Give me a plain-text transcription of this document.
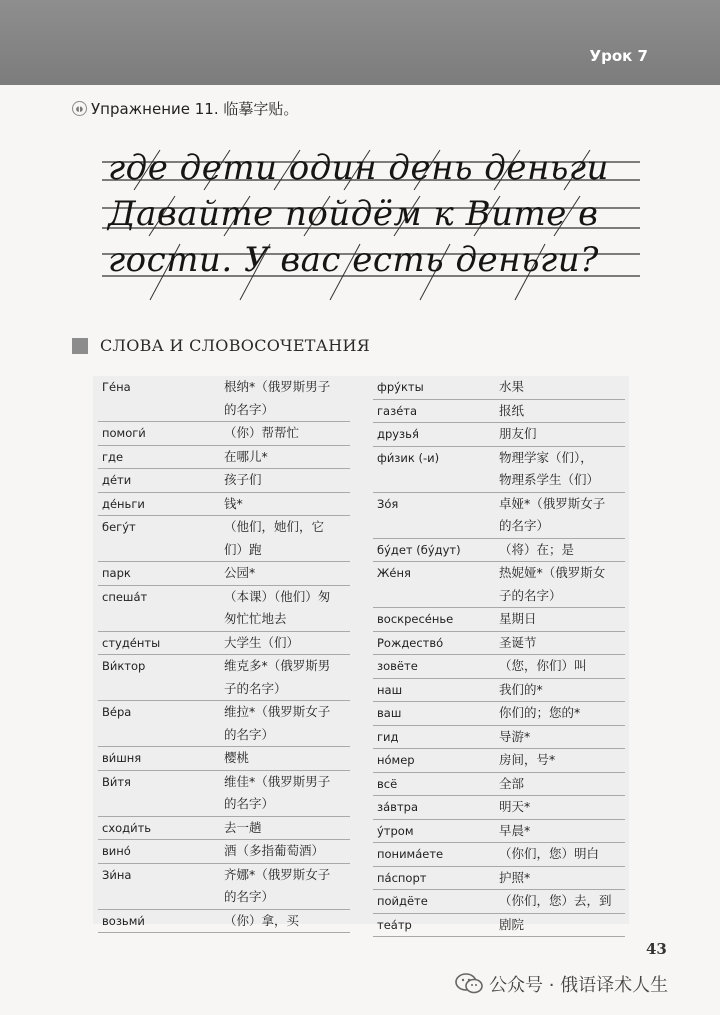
Урок 7
◖◗ Упражнение 11. 临摹字贴。
где дети один день деньги
Давайте пойдём к Вите в
гости. У вас есть деньги?
СЛОВА И СЛОВОСОЧЕТАНИЯ
Ге́на	根纳*（俄罗斯男子
的名字）
помоги́	（你）帮帮忙
где	在哪儿*
де́ти	孩子们
де́ньги	钱*
бегу́т	（他们，她们，它
们）跑
парк	公园*
спеша́т	（本课）（他们）匆
匆忙忙地去
студе́нты	大学生（们）
Ви́ктор	维克多*（俄罗斯男
子的名字）
Ве́ра	维拉*（俄罗斯女子
的名字）
ви́шня	樱桃
Ви́тя	维佳*（俄罗斯男子
的名字）
сходи́ть	去一趟
вино́	酒（多指葡萄酒）
Зи́на	齐娜*（俄罗斯女子
的名字）
возьми́	（你）拿，买
фру́кты	水果
газе́та	报纸
друзья́	朋友们
фи́зик (-и)	物理学家（们），
物理系学生（们）
Зо́я	卓娅*（俄罗斯女子
的名字）
бу́дет (бу́дут)	（将）在；是
Же́ня	热妮娅*（俄罗斯女
子的名字）
воскресе́нье	星期日
Рождество́	圣诞节
зовёте	（您，你们）叫
наш	我们的*
ваш	你们的；您的*
гид	导游*
но́мер	房间，号*
всё	全部
за́втра	明天*
у́тром	早晨*
понима́ете	（你们，您）明白
па́спорт	护照*
пойдёте	（你们，您）去，到
теа́тр	剧院
43
公众号 · 俄语译术人生
